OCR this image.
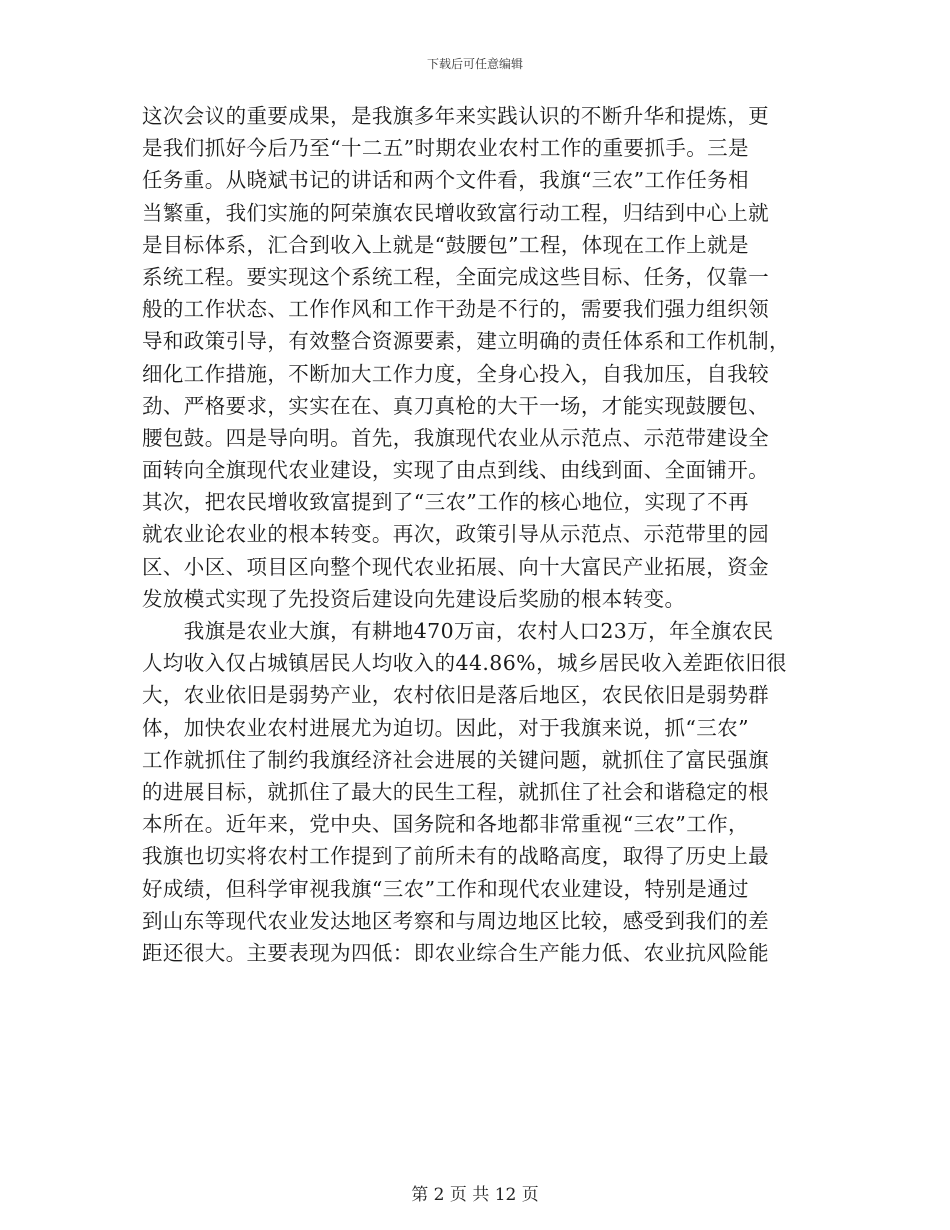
下载后可任意编辑
这次会议的重要成果，是我旗多年来实践认识的不断升华和提炼，更
是我们抓好今后乃至“十二五”时期农业农村工作的重要抓手。三是
任务重。从晓斌书记的讲话和两个文件看，我旗“三农”工作任务相
当繁重，我们实施的阿荣旗农民增收致富行动工程，归结到中心上就
是目标体系，汇合到收入上就是“鼓腰包”工程，体现在工作上就是
系统工程。要实现这个系统工程，全面完成这些目标、任务，仅靠一
般的工作状态、工作作风和工作干劲是不行的，需要我们强力组织领
导和政策引导，有效整合资源要素，建立明确的责任体系和工作机制，
细化工作措施，不断加大工作力度，全身心投入，自我加压，自我较
劲、严格要求，实实在在、真刀真枪的大干一场，才能实现鼓腰包、
腰包鼓。四是导向明。首先，我旗现代农业从示范点、示范带建设全
面转向全旗现代农业建设，实现了由点到线、由线到面、全面铺开。
其次，把农民增收致富提到了“三农”工作的核心地位，实现了不再
就农业论农业的根本转变。再次，政策引导从示范点、示范带里的园
区、小区、项目区向整个现代农业拓展、向十大富民产业拓展，资金
发放模式实现了先投资后建设向先建设后奖励的根本转变。
　　我旗是农业大旗，有耕地470万亩，农村人口23万，年全旗农民
人均收入仅占城镇居民人均收入的44.86%，城乡居民收入差距依旧很
大，农业依旧是弱势产业，农村依旧是落后地区，农民依旧是弱势群
体，加快农业农村进展尤为迫切。因此，对于我旗来说，抓“三农”
工作就抓住了制约我旗经济社会进展的关键问题，就抓住了富民强旗
的进展目标，就抓住了最大的民生工程，就抓住了社会和谐稳定的根
本所在。近年来，党中央、国务院和各地都非常重视“三农”工作，
我旗也切实将农村工作提到了前所未有的战略高度，取得了历史上最
好成绩，但科学审视我旗“三农”工作和现代农业建设，特别是通过
到山东等现代农业发达地区考察和与周边地区比较，感受到我们的差
距还很大。主要表现为四低：即农业综合生产能力低、农业抗风险能
第 2 页 共 12 页
